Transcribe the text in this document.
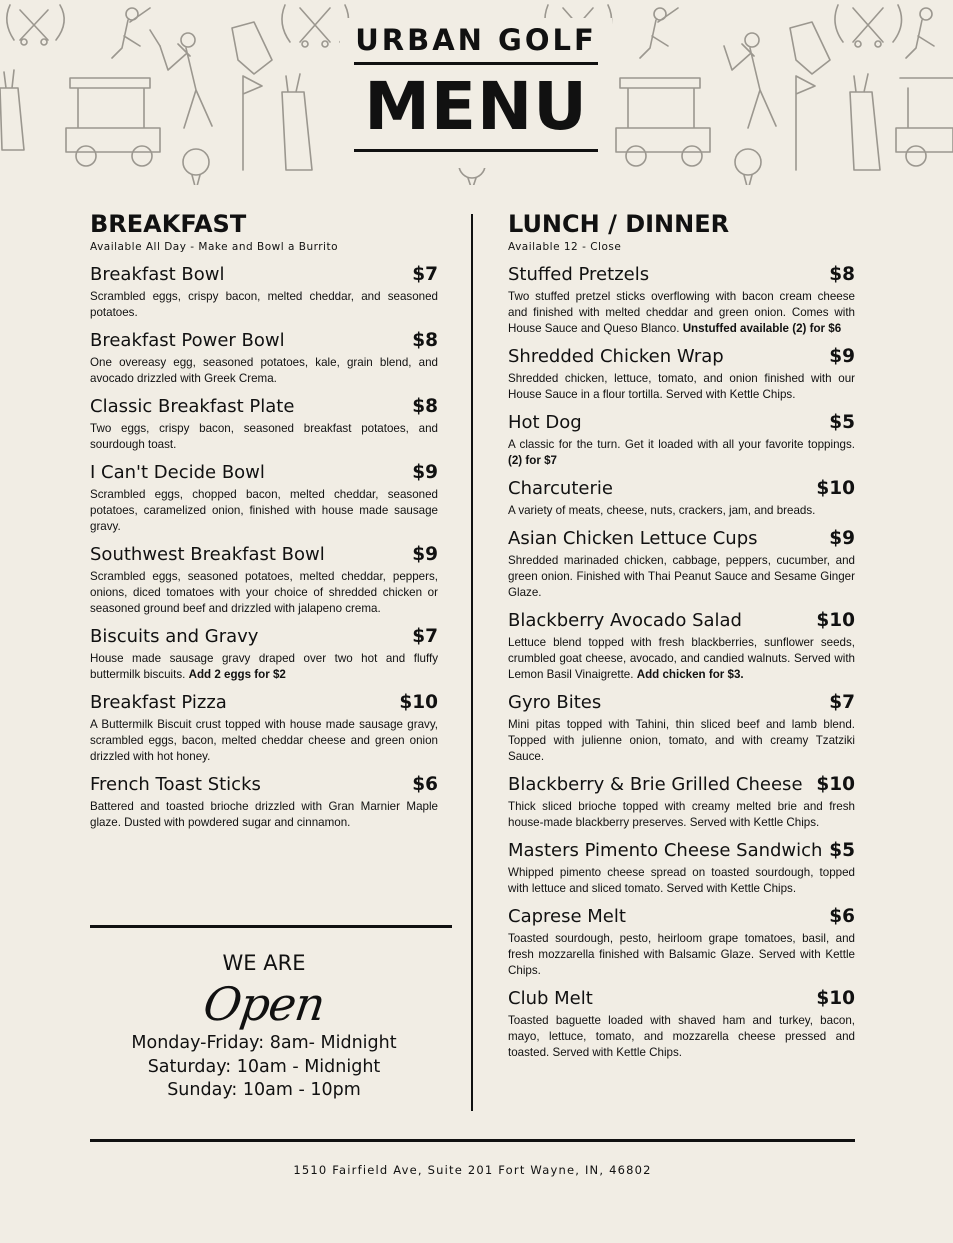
URBAN GOLF
MENU
BREAKFAST
Available All Day - Make and Bowl a Burrito
Breakfast Bowl	$7
Scrambled eggs, crispy bacon, melted cheddar, and seasoned potatoes.
Breakfast Power Bowl	$8
One overeasy egg, seasoned potatoes, kale, grain blend, and avocado drizzled with Greek Crema.
Classic Breakfast Plate	$8
Two eggs, crispy bacon, seasoned breakfast potatoes, and sourdough toast.
I Can't Decide Bowl	$9
Scrambled eggs, chopped bacon, melted cheddar, seasoned potatoes, caramelized onion, finished with house made sausage gravy.
Southwest Breakfast Bowl	$9
Scrambled eggs, seasoned potatoes, melted cheddar, peppers, onions, diced tomatoes with your choice of shredded chicken or seasoned ground beef and drizzled with jalapeno crema.
Biscuits and Gravy	$7
House made sausage gravy draped over two hot and fluffy buttermilk biscuits. Add 2 eggs for $2
Breakfast Pizza	$10
A Buttermilk Biscuit crust topped with house made sausage gravy, scrambled eggs, bacon, melted cheddar cheese and green onion drizzled with hot honey.
French Toast Sticks	$6
Battered and toasted brioche drizzled with Gran Marnier Maple glaze. Dusted with powdered sugar and cinnamon.
LUNCH / DINNER
Available 12 - Close
Stuffed Pretzels	$8
Two stuffed pretzel sticks overflowing with bacon cream cheese and finished with melted cheddar and green onion. Comes with House Sauce and Queso Blanco. Unstuffed available (2) for $6
Shredded Chicken Wrap	$9
Shredded chicken, lettuce, tomato, and onion finished with our House Sauce in a flour tortilla. Served with Kettle Chips.
Hot Dog	$5
A classic for the turn. Get it loaded with all your favorite toppings. (2) for $7
Charcuterie	$10
A variety of meats, cheese, nuts, crackers, jam, and breads.
Asian Chicken Lettuce Cups	$9
Shredded marinaded chicken, cabbage, peppers, cucumber, and green onion. Finished with Thai Peanut Sauce and Sesame Ginger Glaze.
Blackberry Avocado Salad	$10
Lettuce blend topped with fresh blackberries, sunflower seeds, crumbled goat cheese, avocado, and candied walnuts. Served with Lemon Basil Vinaigrette. Add chicken for $3.
Gyro Bites	$7
Mini pitas topped with Tahini, thin sliced beef and lamb blend. Topped with julienne onion, tomato, and with creamy Tzatziki Sauce.
Blackberry & Brie Grilled Cheese $10
Thick sliced brioche topped with creamy melted brie and fresh house-made blackberry preserves. Served with Kettle Chips.
Masters Pimento Cheese Sandwich $5
Whipped pimento cheese spread on toasted sourdough, topped with lettuce and sliced tomato. Served with Kettle Chips.
Caprese Melt	$6
Toasted sourdough, pesto, heirloom grape tomatoes, basil, and fresh mozzarella finished with Balsamic Glaze. Served with Kettle Chips.
Club Melt	$10
Toasted baguette loaded with shaved ham and turkey, bacon, mayo, lettuce, tomato, and mozzarella cheese pressed and toasted. Served with Kettle Chips.
WE ARE
Open
Monday-Friday: 8am- Midnight
Saturday: 10am - Midnight
Sunday: 10am - 10pm
1510 Fairfield Ave, Suite 201 Fort Wayne, IN, 46802
